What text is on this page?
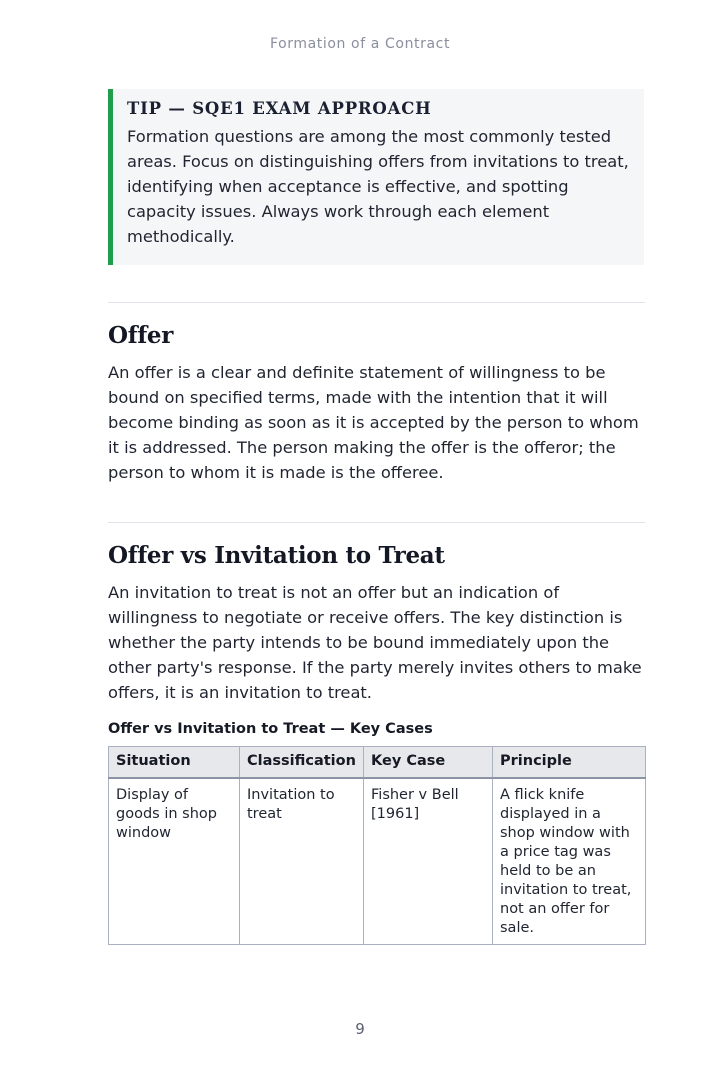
Formation of a Contract

TIP — SQE1 EXAM APPROACH

Formation questions are among the most commonly tested areas. Focus on distinguishing offers from invitations to treat, identifying when acceptance is effective, and spotting capacity issues. Always work through each element methodically.

Offer

An offer is a clear and definite statement of willingness to be bound on specified terms, made with the intention that it will become binding as soon as it is accepted by the person to whom it is addressed. The person making the offer is the offeror; the person to whom it is made is the offeree.

Offer vs Invitation to Treat

An invitation to treat is not an offer but an indication of willingness to negotiate or receive offers. The key distinction is whether the party intends to be bound immediately upon the other party's response. If the party merely invites others to make offers, it is an invitation to treat.

Offer vs Invitation to Treat — Key Cases

Situation	Classification	Key Case	Principle
Display of goods in shop window	Invitation to treat	Fisher v Bell [1961]	A flick knife displayed in a shop window with a price tag was held to be an invitation to treat, not an offer for sale.
9
